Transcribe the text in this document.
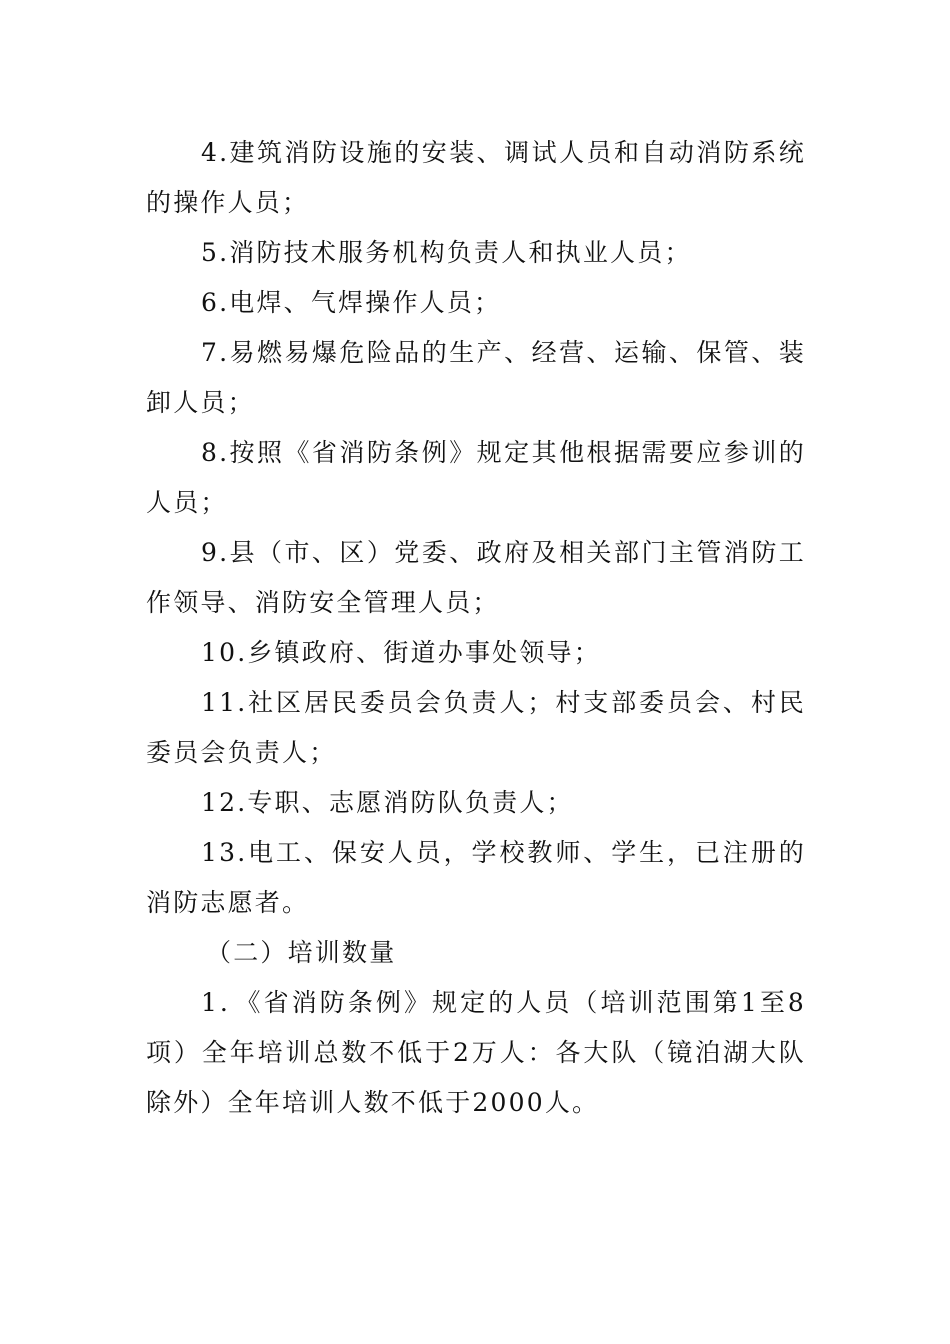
4.建筑消防设施的安装、调试人员和自动消防系统的操作人员；

5.消防技术服务机构负责人和执业人员；

6.电焊、气焊操作人员；

7.易燃易爆危险品的生产、经营、运输、保管、装卸人员；

8.按照《省消防条例》规定其他根据需要应参训的人员；

9.县（市、区）党委、政府及相关部门主管消防工作领导、消防安全管理人员；

10.乡镇政府、街道办事处领导；

11.社区居民委员会负责人；村支部委员会、村民委员会负责人；

12.专职、志愿消防队负责人；

13.电工、保安人员，学校教师、学生，已注册的消防志愿者。

（二）培训数量

1．《省消防条例》规定的人员（培训范围第1至8项）全年培训总数不低于2万人：各大队（镜泊湖大队除外）全年培训人数不低于2000人。
